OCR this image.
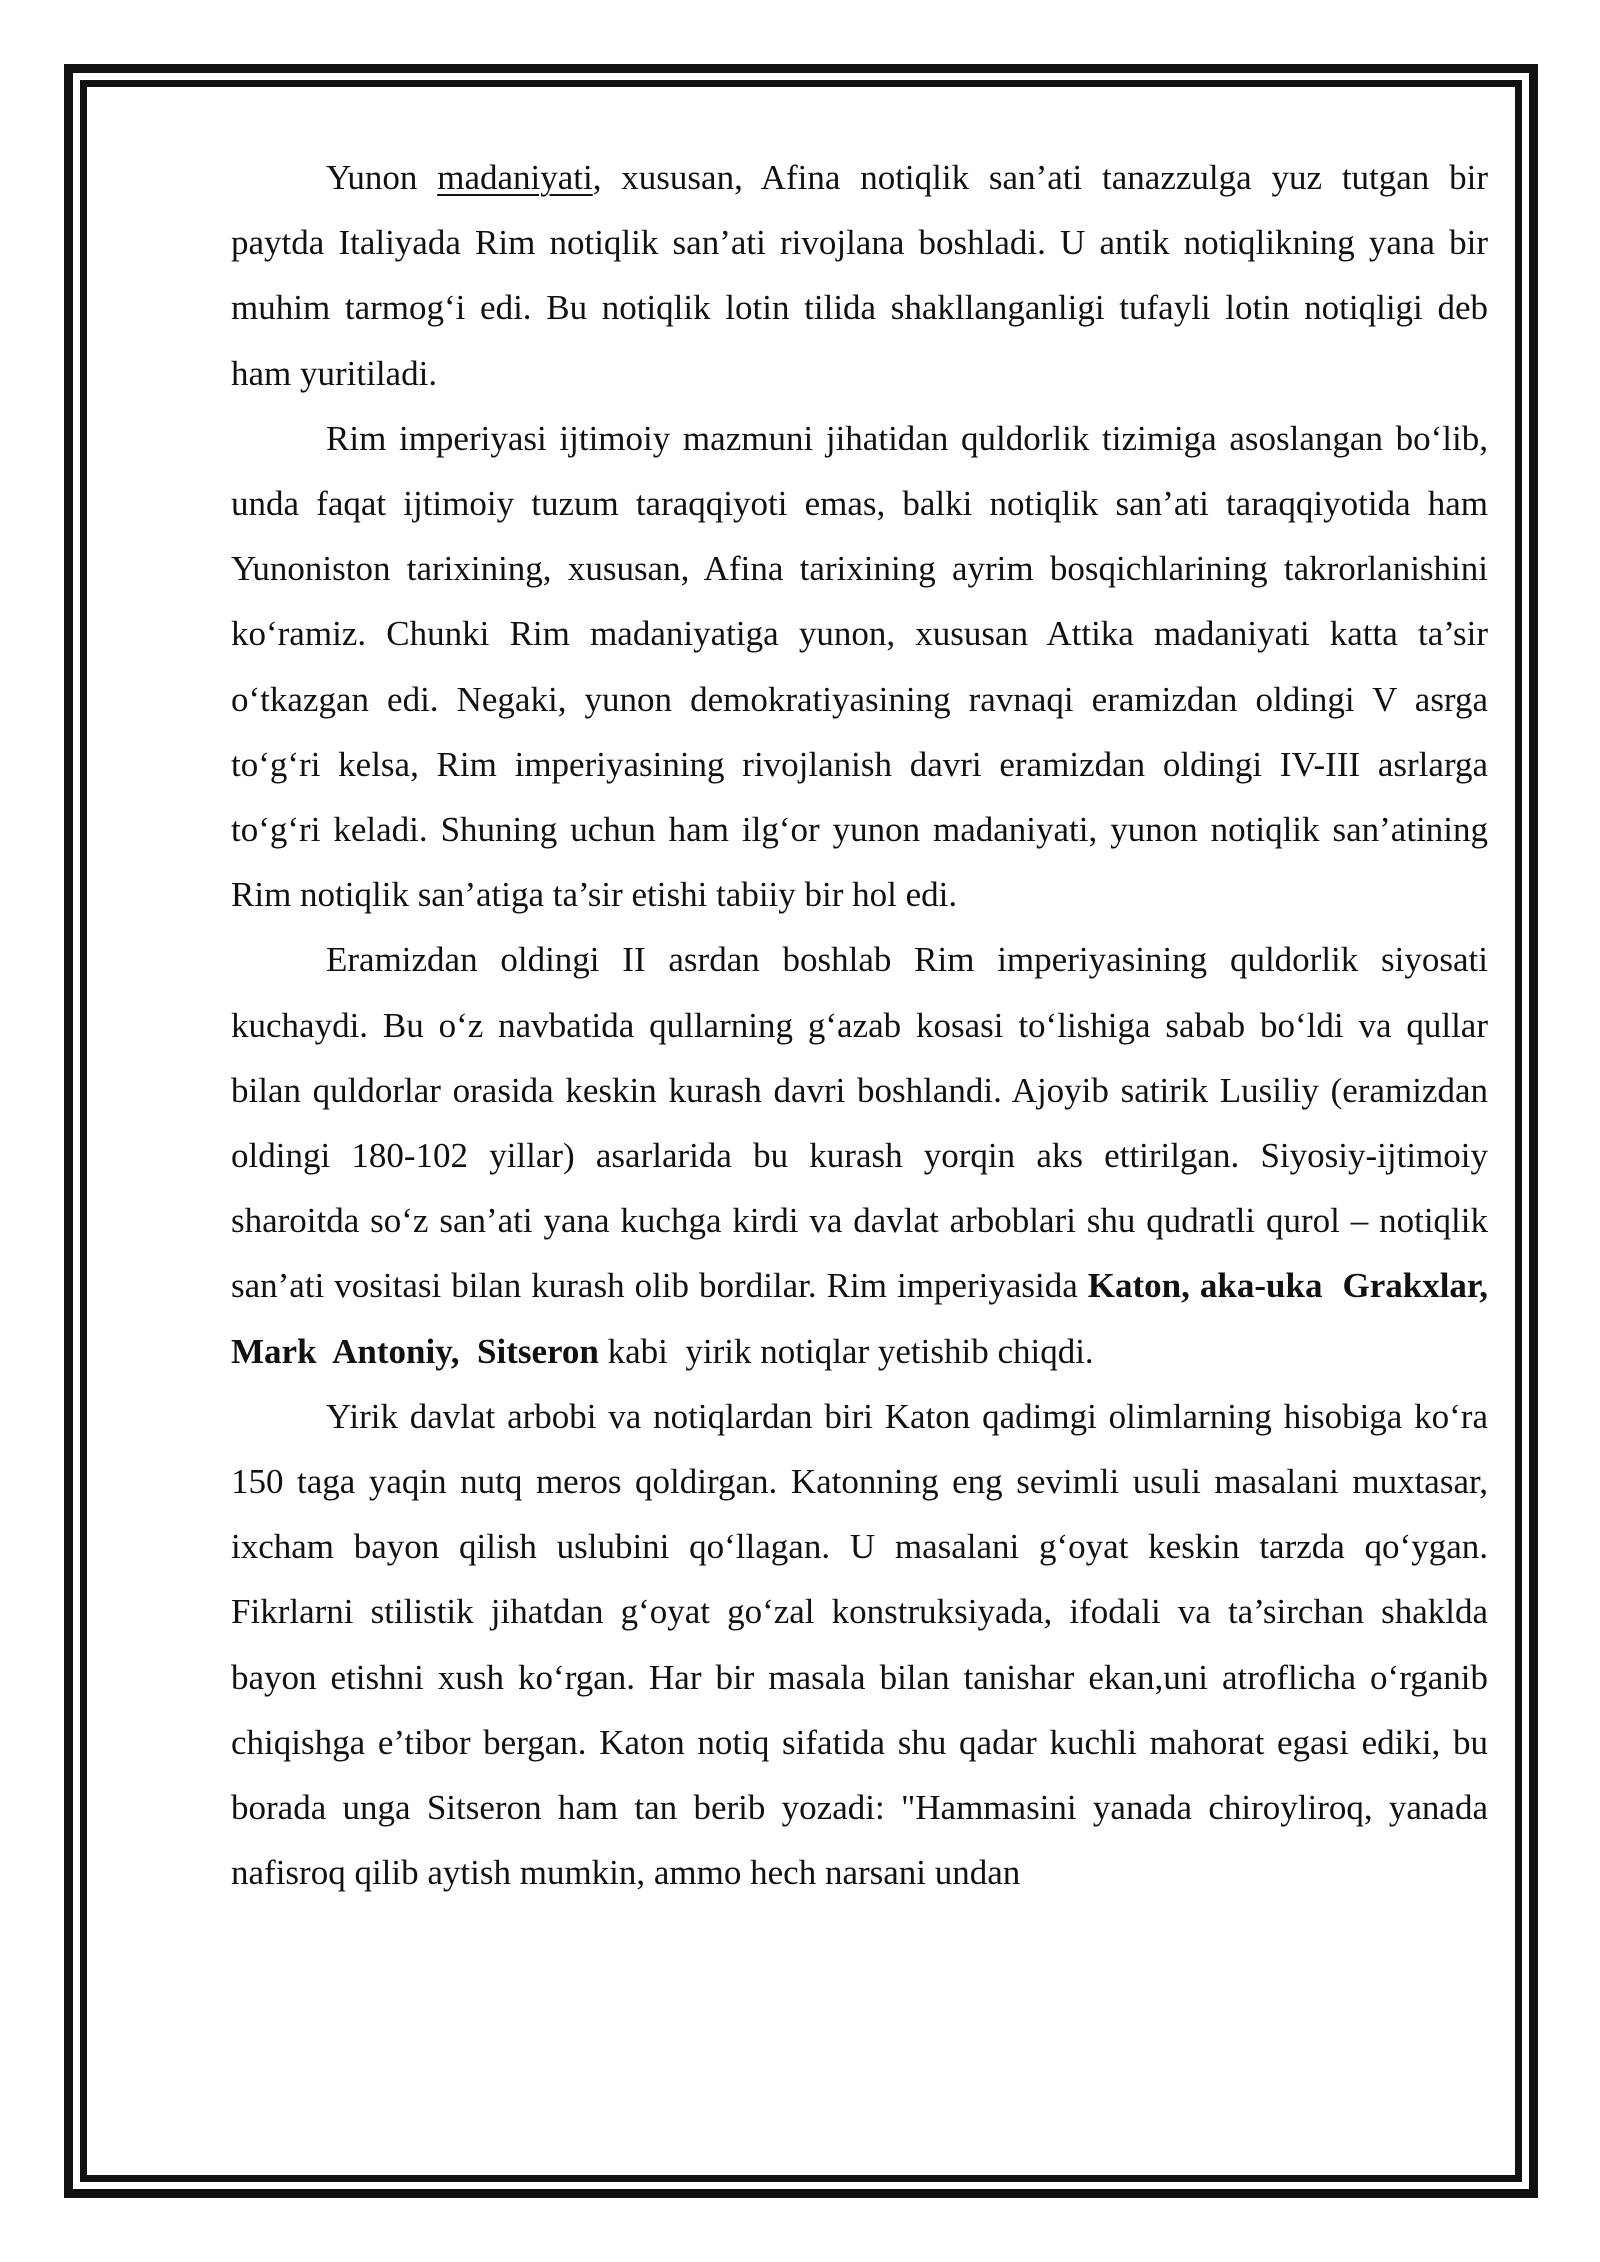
Yunon madaniyati, xususan, Afina notiqlik san’ati tanazzulga yuz tutgan bir paytda Italiyada Rim notiqlik san’ati rivojlana boshladi. U antik notiqlikning yana bir muhim tarmog‘i edi. Bu notiqlik lotin tilida shakllanganligi tufayli lotin notiqligi deb ham yuritiladi.

Rim imperiyasi ijtimoiy mazmuni jihatidan quldorlik tizimiga asoslangan bo‘lib, unda faqat ijtimoiy tuzum taraqqiyoti emas, balki notiqlik san’ati taraqqiyotida ham Yunoniston tarixining, xususan, Afina tarixining ayrim bosqichlarining takrorlanishini ko‘ramiz. Chunki Rim madaniyatiga yunon, xususan Attika madaniyati katta ta’sir o‘tkazgan edi. Negaki, yunon demokratiyasining ravnaqi eramizdan oldingi V asrga to‘g‘ri kelsa, Rim imperiyasining rivojlanish davri eramizdan oldingi IV-III asrlarga to‘g‘ri keladi. Shuning uchun ham ilg‘or yunon madaniyati, yunon notiqlik san’atining Rim notiqlik san’atiga ta’sir etishi tabiiy bir hol edi.

Eramizdan oldingi II asrdan boshlab Rim imperiyasining quldorlik siyosati kuchaydi. Bu o‘z navbatida qullarning g‘azab kosasi to‘lishiga sabab bo‘ldi va qullar bilan quldorlar orasida keskin kurash davri boshlandi. Ajoyib satirik Lusiliy (eramizdan oldingi 180-102 yillar) asarlarida bu kurash yorqin aks ettirilgan. Siyosiy-ijtimoiy sharoitda so‘z san’ati yana kuchga kirdi va davlat arboblari shu qudratli qurol – notiqlik san’ati vositasi bilan kurash olib bordilar. Rim imperiyasida Katon, aka-uka  Grakxlar,  Mark  Antoniy,  Sitseron kabi  yirik notiqlar yetishib chiqdi.

Yirik davlat arbobi va notiqlardan biri Katon qadimgi olimlarning hisobiga ko‘ra 150 taga yaqin nutq meros qoldirgan. Katonning eng sevimli usuli masalani muxtasar, ixcham bayon qilish uslubini qo‘llagan. U masalani g‘oyat keskin tarzda qo‘ygan. Fikrlarni stilistik jihatdan g‘oyat go‘zal konstruksiyada, ifodali va ta’sirchan shaklda bayon etishni xush ko‘rgan. Har bir masala bilan tanishar ekan,uni atroflicha o‘rganib chiqishga e’tibor bergan. Katon notiq sifatida shu qadar kuchli mahorat egasi ediki, bu borada unga Sitseron ham tan berib yozadi: "Hammasini yanada chiroyliroq, yanada nafisroq qilib aytish mumkin, ammo hech narsani undan
